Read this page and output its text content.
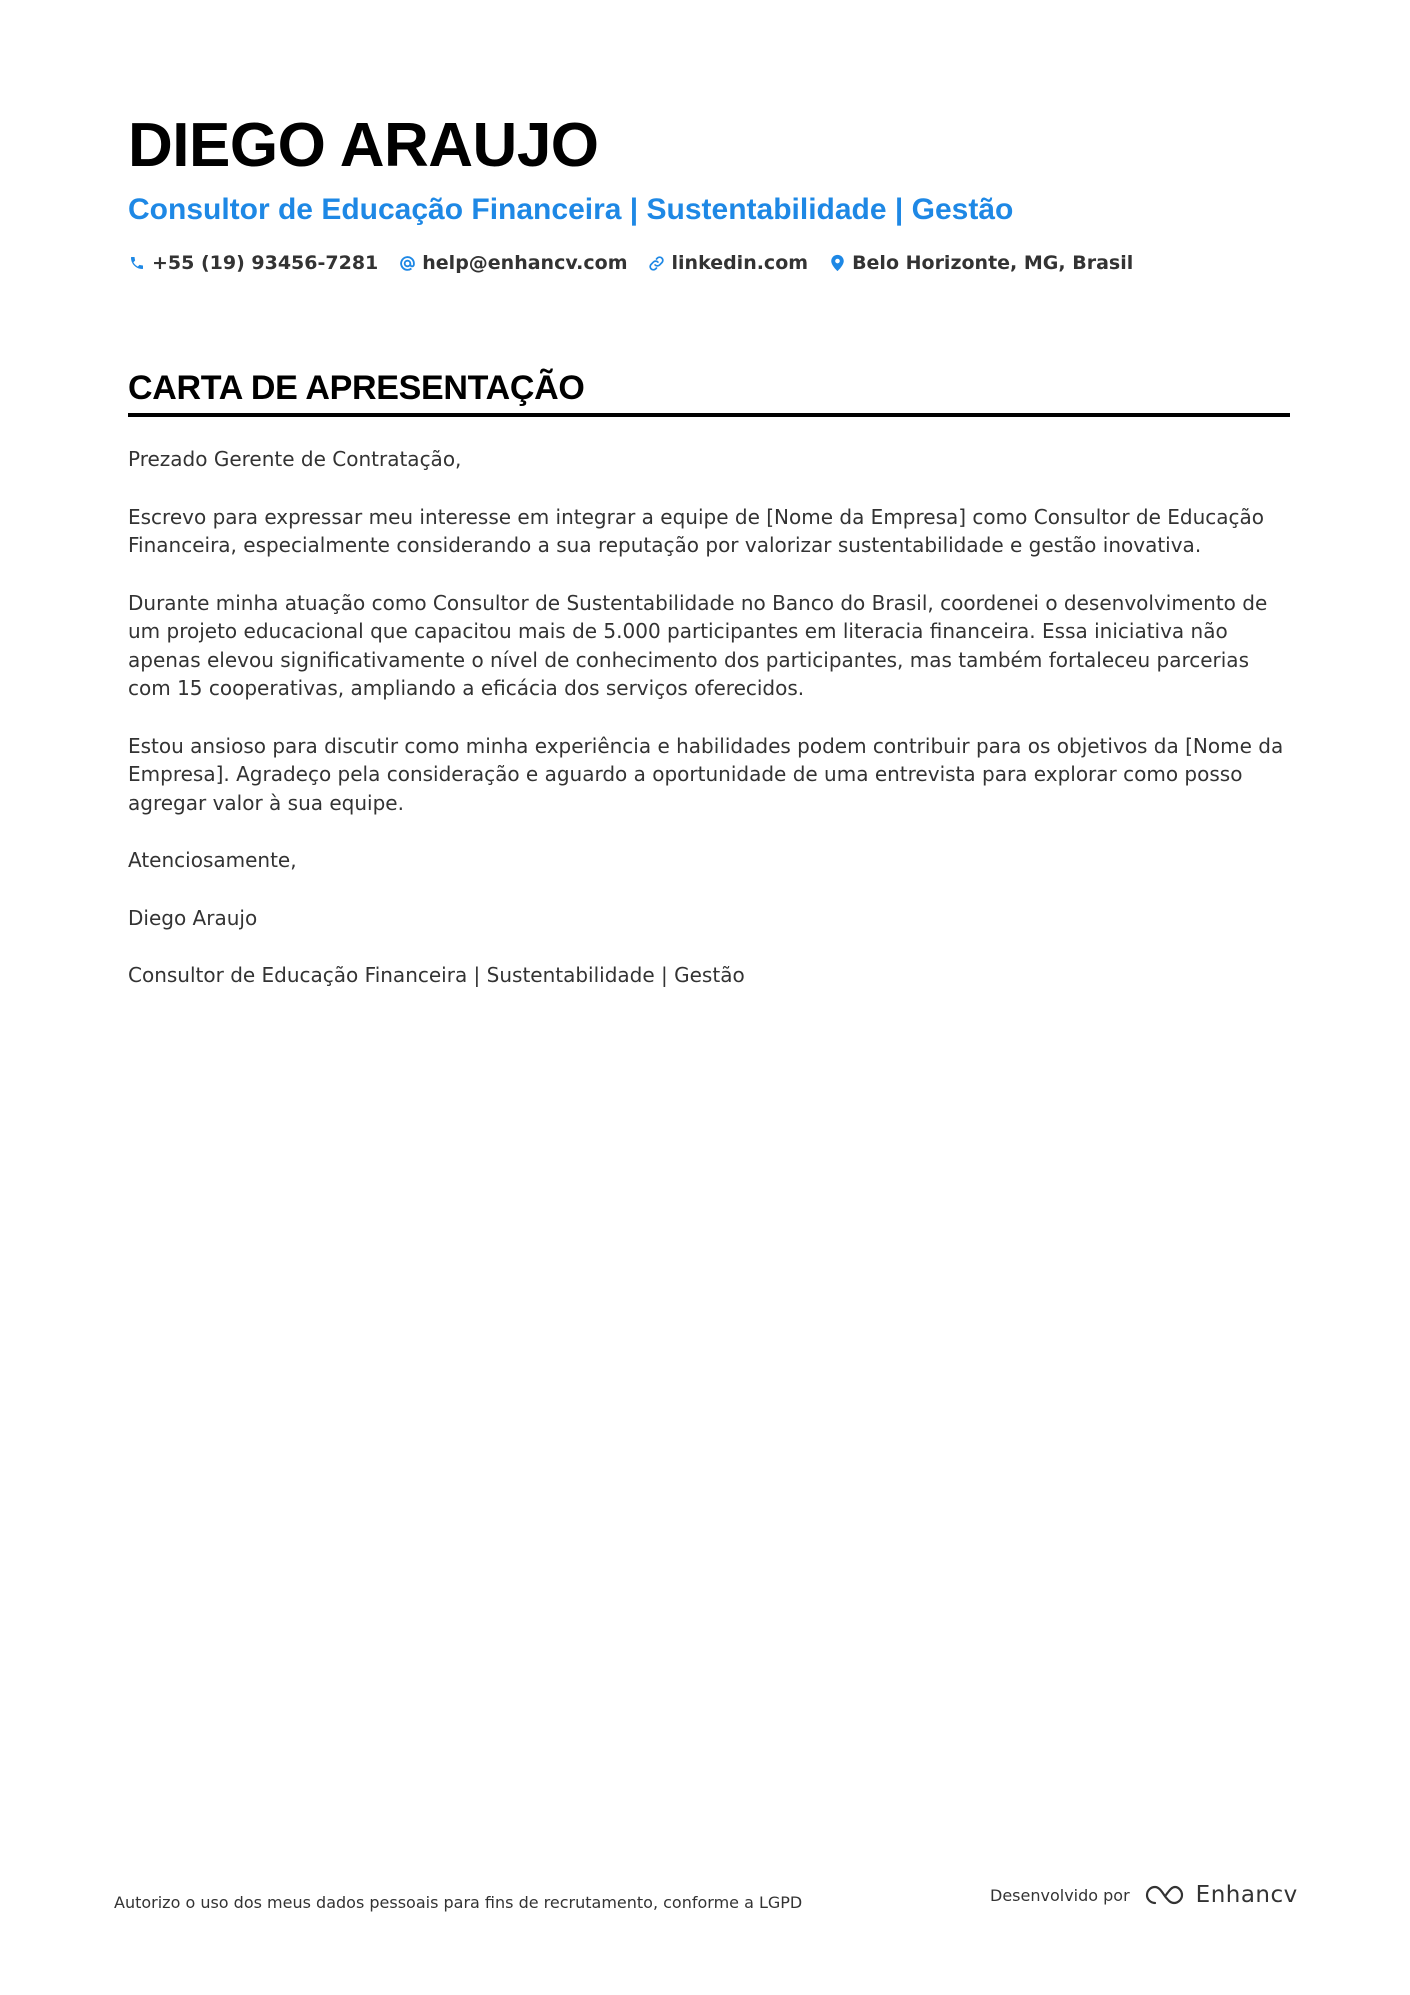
DIEGO ARAUJO
Consultor de Educação Financeira | Sustentabilidade | Gestão
+55 (19) 93456-7281 help@enhancv.com linkedin.com Belo Horizonte, MG, Brasil
CARTA DE APRESENTAÇÃO

Prezado Gerente de Contratação,

Escrevo para expressar meu interesse em integrar a equipe de [Nome da Empresa] como Consultor de Educação Financeira, especialmente considerando a sua reputação por valorizar sustentabilidade e gestão inovativa.

Durante minha atuação como Consultor de Sustentabilidade no Banco do Brasil, coordenei o desenvolvimento de um projeto educacional que capacitou mais de 5.000 participantes em literacia financeira. Essa iniciativa não apenas elevou significativamente o nível de conhecimento dos participantes, mas também fortaleceu parcerias com 15 cooperativas, ampliando a eficácia dos serviços oferecidos.

Estou ansioso para discutir como minha experiência e habilidades podem contribuir para os objetivos da [Nome da Empresa]. Agradeço pela consideração e aguardo a oportunidade de uma entrevista para explorar como posso agregar valor à sua equipe.

Atenciosamente,

Diego Araujo

Consultor de Educação Financeira | Sustentabilidade | Gestão

Autorizo o uso dos meus dados pessoais para fins de recrutamento, conforme a LGPD	Desenvolvido por	Enhancv
